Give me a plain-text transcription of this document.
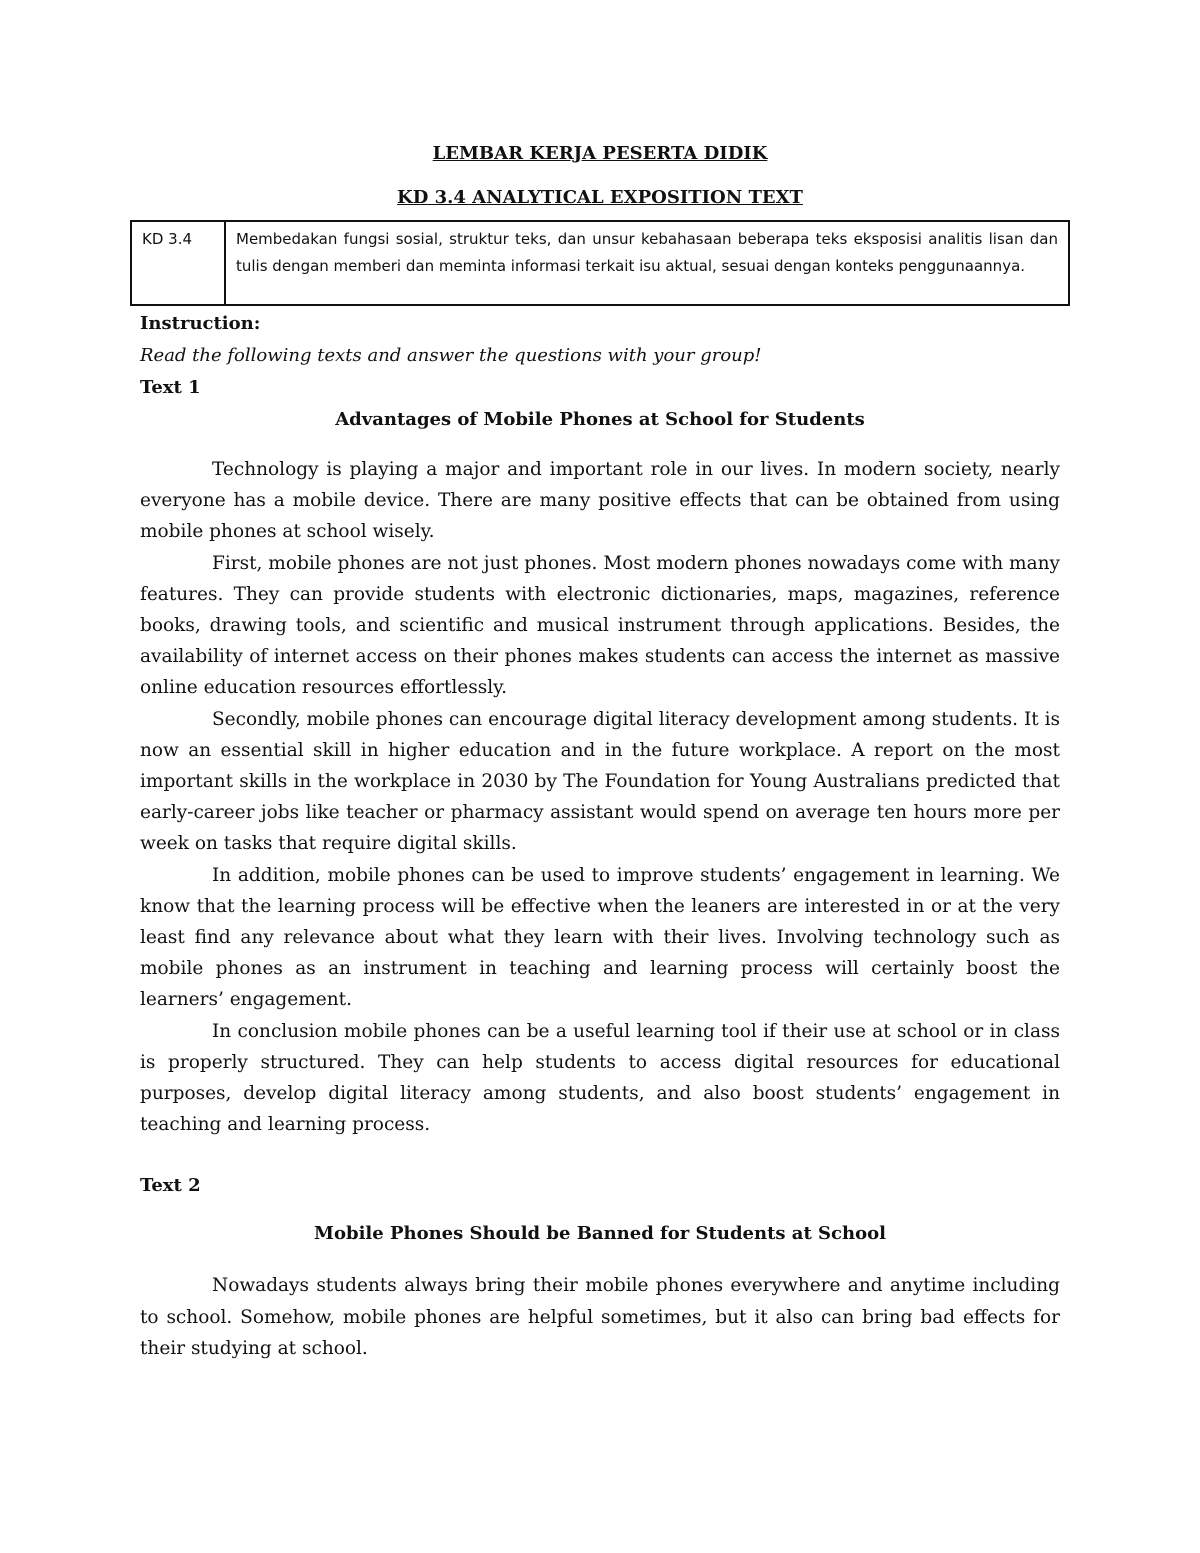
LEMBAR KERJA PESERTA DIDIK

KD 3.4 ANALYTICAL EXPOSITION TEXT

KD 3.4	Membedakan fungsi sosial, struktur teks, dan unsur kebahasaan beberapa teks eksposisi analitis lisan dan tulis dengan memberi dan meminta informasi terkait isu aktual, sesuai dengan konteks penggunaannya.

Instruction:

Read the following texts and answer the questions with your group!

Text 1

Advantages of Mobile Phones at School for Students

Technology is playing a major and important role in our lives. In modern society, nearly everyone has a mobile device. There are many positive effects that can be obtained from using mobile phones at school wisely.

First, mobile phones are not just phones. Most modern phones nowadays come with many features. They can provide students with electronic dictionaries, maps, magazines, reference books, drawing tools, and scientific and musical instrument through applications. Besides, the availability of internet access on their phones makes students can access the internet as massive online education resources effortlessly.

Secondly, mobile phones can encourage digital literacy development among students. It is now an essential skill in higher education and in the future workplace. A report on the most important skills in the workplace in 2030 by The Foundation for Young Australians predicted that early-career jobs like teacher or pharmacy assistant would spend on average ten hours more per week on tasks that require digital skills.

In addition, mobile phones can be used to improve students’ engagement in learning. We know that the learning process will be effective when the leaners are interested in or at the very least find any relevance about what they learn with their lives. Involving technology such as mobile phones as an instrument in teaching and learning process will certainly boost the learners’ engagement.

In conclusion mobile phones can be a useful learning tool if their use at school or in class is properly structured. They can help students to access digital resources for educational purposes, develop digital literacy among students, and also boost students’ engagement in teaching and learning process.

Text 2

Mobile Phones Should be Banned for Students at School

Nowadays students always bring their mobile phones everywhere and anytime including to school. Somehow, mobile phones are helpful sometimes, but it also can bring bad effects for their studying at school.
